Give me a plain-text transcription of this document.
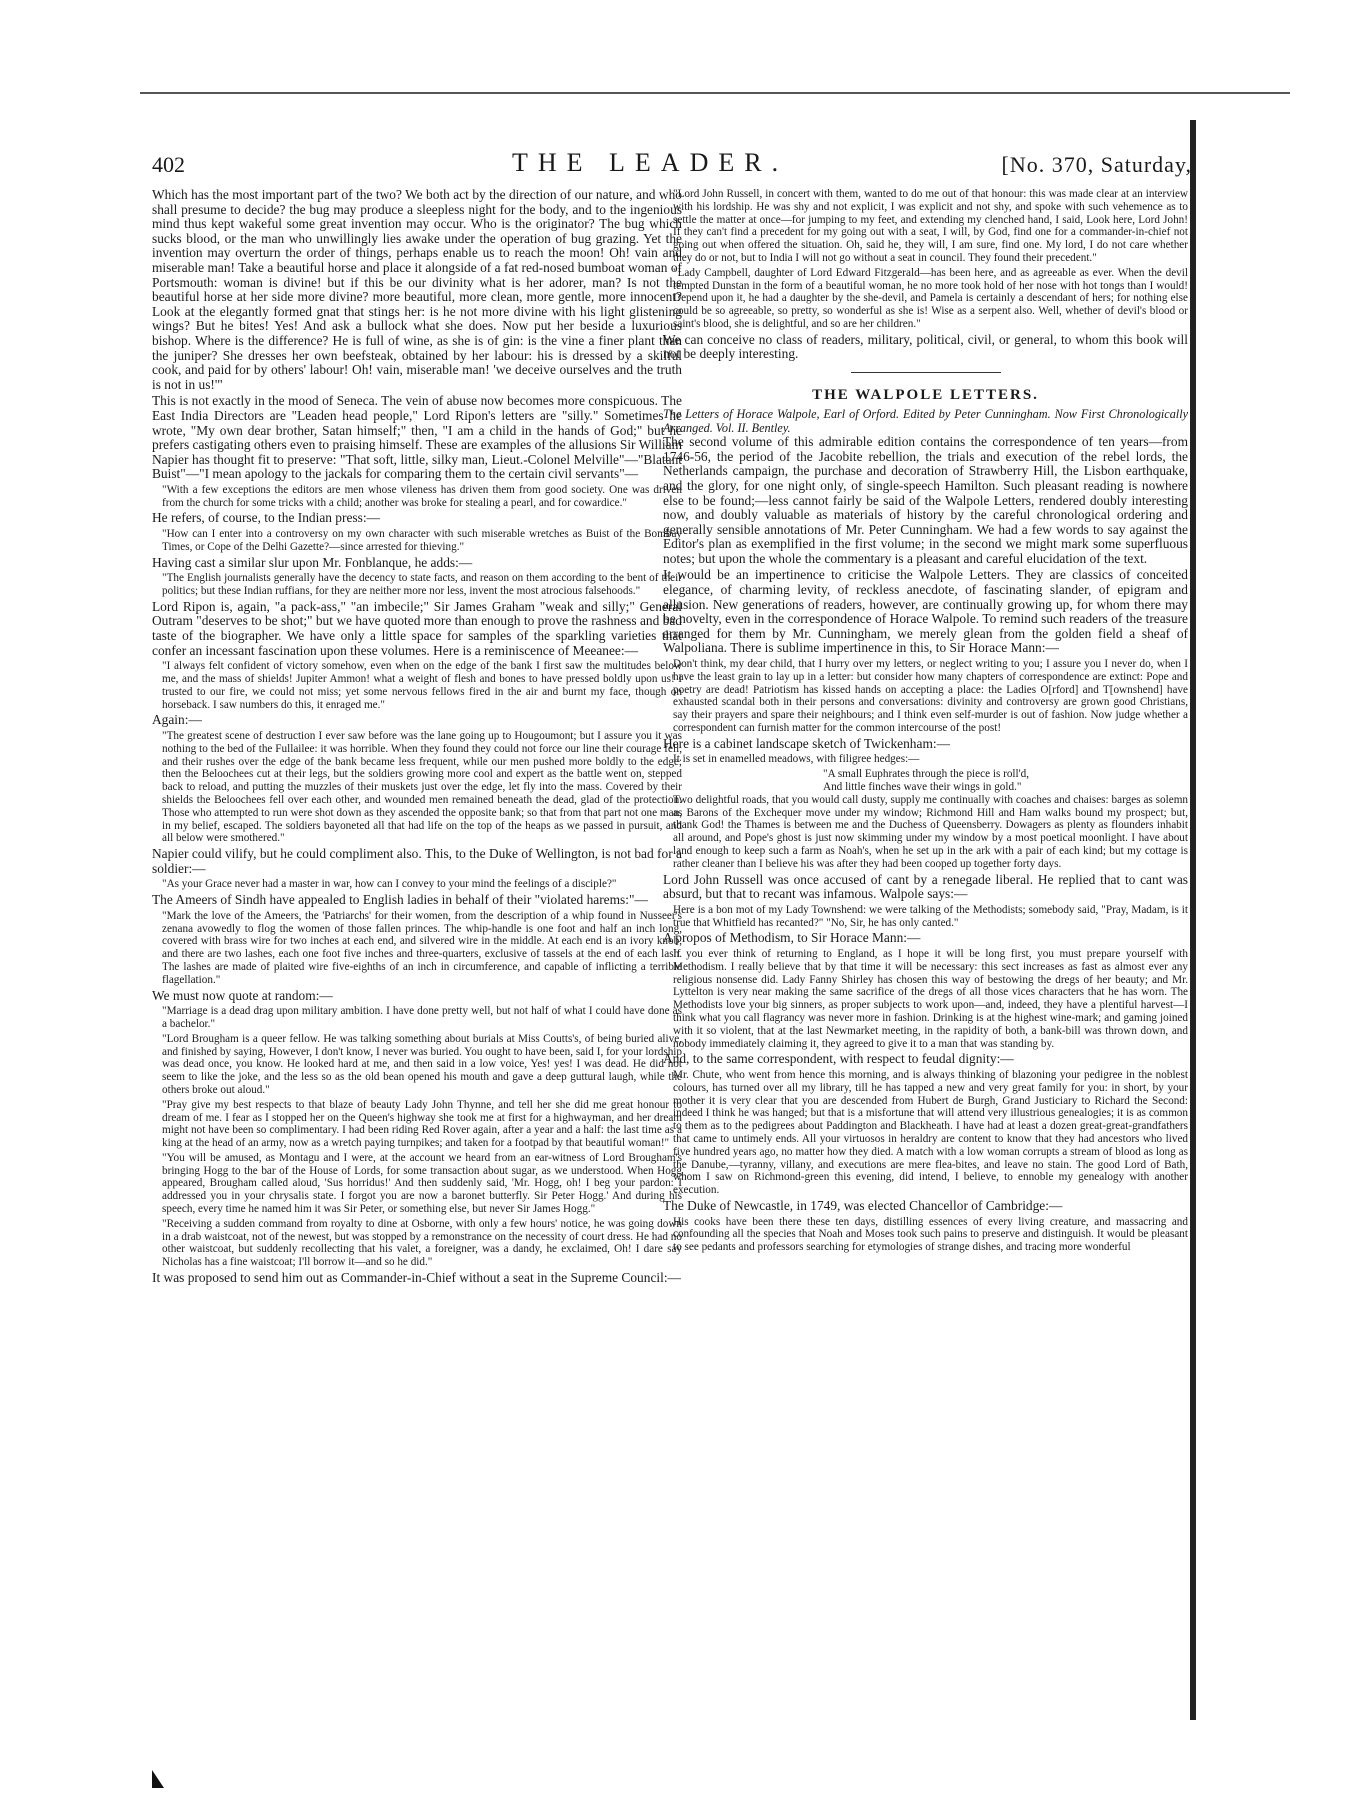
402	THE LEADER.	[No. 370, Saturday,

Which has the most important part of the two? We both act by the direction of our nature, and who shall presume to decide? the bug may produce a sleepless night for the body, and to the ingenious mind thus kept wakeful some great invention may occur. Who is the originator? The bug which sucks blood, or the man who unwillingly lies awake under the operation of bug grazing. Yet the invention may overturn the order of things, perhaps enable us to reach the moon! Oh! vain and miserable man! Take a beautiful horse and place it alongside of a fat red-nosed bumboat woman of Portsmouth: woman is divine! but if this be our divinity what is her adorer, man? Is not the beautiful horse at her side more divine? more beautiful, more clean, more gentle, more innocent? Look at the elegantly formed gnat that stings her: is he not more divine with his light glistening wings? But he bites! Yes! And ask a bullock what she does. Now put her beside a luxurious bishop. Where is the difference? He is full of wine, as she is of gin: is the vine a finer plant than the juniper? She dresses her own beefsteak, obtained by her labour: his is dressed by a skilful cook, and paid for by others' labour! Oh! vain, miserable man! 'we deceive ourselves and the truth is not in us!'"

This is not exactly in the mood of Seneca. The vein of abuse now becomes more conspicuous. The East India Directors are "Leaden head people," Lord Ripon's letters are "silly." Sometimes he wrote, "My own dear brother, Satan himself;" then, "I am a child in the hands of God;" but he prefers castigating others even to praising himself. These are examples of the allusions Sir William Napier has thought fit to preserve: "That soft, little, silky man, Lieut.-Colonel Melville"—"Blatant Buist"—"I mean apology to the jackals for comparing them to the certain civil servants"—

"With a few exceptions the editors are men whose vileness has driven them from good society. One was driven from the church for some tricks with a child; another was broke for stealing a pearl, and for cowardice."

He refers, of course, to the Indian press:—

"How can I enter into a controversy on my own character with such miserable wretches as Buist of the Bombay Times, or Cope of the Delhi Gazette?—since arrested for thieving."

Having cast a similar slur upon Mr. Fonblanque, he adds:—

"The English journalists generally have the decency to state facts, and reason on them according to the bent of their politics; but these Indian ruffians, for they are neither more nor less, invent the most atrocious falsehoods."

Lord Ripon is, again, "a pack-ass," "an imbecile;" Sir James Graham "weak and silly;" General Outram "deserves to be shot;" but we have quoted more than enough to prove the rashness and bad taste of the biographer. We have only a little space for samples of the sparkling varieties that confer an incessant fascination upon these volumes. Here is a reminiscence of Meeanee:—

"I always felt confident of victory somehow, even when on the edge of the bank I first saw the multitudes below me, and the mass of shields! Jupiter Ammon! what a weight of flesh and bones to have pressed boldly upon us! I trusted to our fire, we could not miss; yet some nervous fellows fired in the air and burnt my face, though on horseback. I saw numbers do this, it enraged me."

Again:—

"The greatest scene of destruction I ever saw before was the lane going up to Hougoumont; but I assure you it was nothing to the bed of the Fullailee: it was horrible. When they found they could not force our line their courage fell, and their rushes over the edge of the bank became less frequent, while our men pushed more boldly to the edge; then the Beloochees cut at their legs, but the soldiers growing more cool and expert as the battle went on, stepped back to reload, and putting the muzzles of their muskets just over the edge, let fly into the mass. Covered by their shields the Beloochees fell over each other, and wounded men remained beneath the dead, glad of the protection. Those who attempted to run were shot down as they ascended the opposite bank; so that from that part not one man, in my belief, escaped. The soldiers bayoneted all that had life on the top of the heaps as we passed in pursuit, and all below were smothered."

Napier could vilify, but he could compliment also. This, to the Duke of Wellington, is not bad for a soldier:—

"As your Grace never had a master in war, how can I convey to your mind the feelings of a disciple?"

The Ameers of Sindh have appealed to English ladies in behalf of their "violated harems:"—

"Mark the love of the Ameers, the 'Patriarchs' for their women, from the description of a whip found in Nusseer's zenana avowedly to flog the women of those fallen princes. The whip-handle is one foot and half an inch long, covered with brass wire for two inches at each end, and silvered wire in the middle. At each end is an ivory knob, and there are two lashes, each one foot five inches and three-quarters, exclusive of tassels at the end of each lash. The lashes are made of plaited wire five-eighths of an inch in circumference, and capable of inflicting a terrible flagellation."

We must now quote at random:—

"Marriage is a dead drag upon military ambition. I have done pretty well, but not half of what I could have done as a bachelor."

"Lord Brougham is a queer fellow. He was talking something about burials at Miss Coutts's, of being buried alive, and finished by saying, However, I don't know, I never was buried. You ought to have been, said I, for your lordship was dead once, you know. He looked hard at me, and then said in a low voice, Yes! yes! I was dead. He did not seem to like the joke, and the less so as the old bean opened his mouth and gave a deep guttural laugh, while the others broke out aloud."

"Pray give my best respects to that blaze of beauty Lady John Thynne, and tell her she did me great honour to dream of me. I fear as I stopped her on the Queen's highway she took me at first for a highwayman, and her dream might not have been so complimentary. I had been riding Red Rover again, after a year and a half: the last time as a king at the head of an army, now as a wretch paying turnpikes; and taken for a footpad by that beautiful woman!"

"You will be amused, as Montagu and I were, at the account we heard from an ear-witness of Lord Brougham's bringing Hogg to the bar of the House of Lords, for some transaction about sugar, as we understood. When Hogg appeared, Brougham called aloud, 'Sus horridus!' And then suddenly said, 'Mr. Hogg, oh! I beg your pardon: I addressed you in your chrysalis state. I forgot you are now a baronet butterfly. Sir Peter Hogg.' And during his speech, every time he named him it was Sir Peter, or something else, but never Sir James Hogg."

"Receiving a sudden command from royalty to dine at Osborne, with only a few hours' notice, he was going down in a drab waistcoat, not of the newest, but was stopped by a remonstrance on the necessity of court dress. He had no other waistcoat, but suddenly recollecting that his valet, a foreigner, was a dandy, he exclaimed, Oh! I dare say Nicholas has a fine waistcoat; I'll borrow it—and so he did."

It was proposed to send him out as Commander-in-Chief without a seat in the Supreme Council:—

"Lord John Russell, in concert with them, wanted to do me out of that honour: this was made clear at an interview with his lordship. He was shy and not explicit, I was explicit and not shy, and spoke with such vehemence as to settle the matter at once—for jumping to my feet, and extending my clenched hand, I said, Look here, Lord John! If they can't find a precedent for my going out with a seat, I will, by God, find one for a commander-in-chief not going out when offered the situation. Oh, said he, they will, I am sure, find one. My lord, I do not care whether they do or not, but to India I will not go without a seat in council. They found their precedent."

"Lady Campbell, daughter of Lord Edward Fitzgerald—has been here, and as agreeable as ever. When the devil tempted Dunstan in the form of a beautiful woman, he no more took hold of her nose with hot tongs than I would! Depend upon it, he had a daughter by the she-devil, and Pamela is certainly a descendant of hers; for nothing else could be so agreeable, so pretty, so wonderful as she is! Wise as a serpent also. Well, whether of devil's blood or saint's blood, she is delightful, and so are her children."

We can conceive no class of readers, military, political, civil, or general, to whom this book will not be deeply interesting.

THE WALPOLE LETTERS.

The Letters of Horace Walpole, Earl of Orford. Edited by Peter Cunningham. Now First Chronologically Arranged. Vol. II. Bentley.

The second volume of this admirable edition contains the correspondence of ten years—from 1746-56, the period of the Jacobite rebellion, the trials and execution of the rebel lords, the Netherlands campaign, the purchase and decoration of Strawberry Hill, the Lisbon earthquake, and the glory, for one night only, of single-speech Hamilton. Such pleasant reading is nowhere else to be found;—less cannot fairly be said of the Walpole Letters, rendered doubly interesting now, and doubly valuable as materials of history by the careful chronological ordering and generally sensible annotations of Mr. Peter Cunningham. We had a few words to say against the Editor's plan as exemplified in the first volume; in the second we might mark some superfluous notes; but upon the whole the commentary is a pleasant and careful elucidation of the text.

It would be an impertinence to criticise the Walpole Letters. They are classics of conceited elegance, of charming levity, of reckless anecdote, of fascinating slander, of epigram and allusion. New generations of readers, however, are continually growing up, for whom there may be novelty, even in the correspondence of Horace Walpole. To remind such readers of the treasure arranged for them by Mr. Cunningham, we merely glean from the golden field a sheaf of Walpoliana. There is sublime impertinence in this, to Sir Horace Mann:—

Don't think, my dear child, that I hurry over my letters, or neglect writing to you; I assure you I never do, when I have the least grain to lay up in a letter: but consider how many chapters of correspondence are extinct: Pope and poetry are dead! Patriotism has kissed hands on accepting a place: the Ladies O[rford] and T[ownshend] have exhausted scandal both in their persons and conversations: divinity and controversy are grown good Christians, say their prayers and spare their neighbours; and I think even self-murder is out of fashion. Now judge whether a correspondent can furnish matter for the common intercourse of the post!

Here is a cabinet landscape sketch of Twickenham:—

It is set in enamelled meadows, with filigree hedges:—

"A small Euphrates through the piece is roll'd,

And little finches wave their wings in gold."

Two delightful roads, that you would call dusty, supply me continually with coaches and chaises: barges as solemn as Barons of the Exchequer move under my window; Richmond Hill and Ham walks bound my prospect; but, thank God! the Thames is between me and the Duchess of Queensberry. Dowagers as plenty as flounders inhabit all around, and Pope's ghost is just now skimming under my window by a most poetical moonlight. I have about land enough to keep such a farm as Noah's, when he set up in the ark with a pair of each kind; but my cottage is rather cleaner than I believe his was after they had been cooped up together forty days.

Lord John Russell was once accused of cant by a renegade liberal. He replied that to cant was absurd, but that to recant was infamous. Walpole says:—

Here is a bon mot of my Lady Townshend: we were talking of the Methodists; somebody said, "Pray, Madam, is it true that Whitfield has recanted?" "No, Sir, he has only canted."

A propos of Methodism, to Sir Horace Mann:—

If you ever think of returning to England, as I hope it will be long first, you must prepare yourself with Methodism. I really believe that by that time it will be necessary: this sect increases as fast as almost ever any religious nonsense did. Lady Fanny Shirley has chosen this way of bestowing the dregs of her beauty; and Mr. Lyttelton is very near making the same sacrifice of the dregs of all those vices characters that he has worn. The Methodists love your big sinners, as proper subjects to work upon—and, indeed, they have a plentiful harvest—I think what you call flagrancy was never more in fashion. Drinking is at the highest wine-mark; and gaming joined with it so violent, that at the last Newmarket meeting, in the rapidity of both, a bank-bill was thrown down, and nobody immediately claiming it, they agreed to give it to a man that was standing by.

And, to the same correspondent, with respect to feudal dignity:—

Mr. Chute, who went from hence this morning, and is always thinking of blazoning your pedigree in the noblest colours, has turned over all my library, till he has tapped a new and very great family for you: in short, by your mother it is very clear that you are descended from Hubert de Burgh, Grand Justiciary to Richard the Second: indeed I think he was hanged; but that is a misfortune that will attend very illustrious genealogies; it is as common to them as to the pedigrees about Paddington and Blackheath. I have had at least a dozen great-great-grandfathers that came to untimely ends. All your virtuosos in heraldry are content to know that they had ancestors who lived five hundred years ago, no matter how they died. A match with a low woman corrupts a stream of blood as long as the Danube,—tyranny, villany, and executions are mere flea-bites, and leave no stain. The good Lord of Bath, whom I saw on Richmond-green this evening, did intend, I believe, to ennoble my genealogy with another execution.

The Duke of Newcastle, in 1749, was elected Chancellor of Cambridge:—

His cooks have been there these ten days, distilling essences of every living creature, and massacring and confounding all the species that Noah and Moses took such pains to preserve and distinguish. It would be pleasant to see pedants and professors searching for etymologies of strange dishes, and tracing more wonderful
